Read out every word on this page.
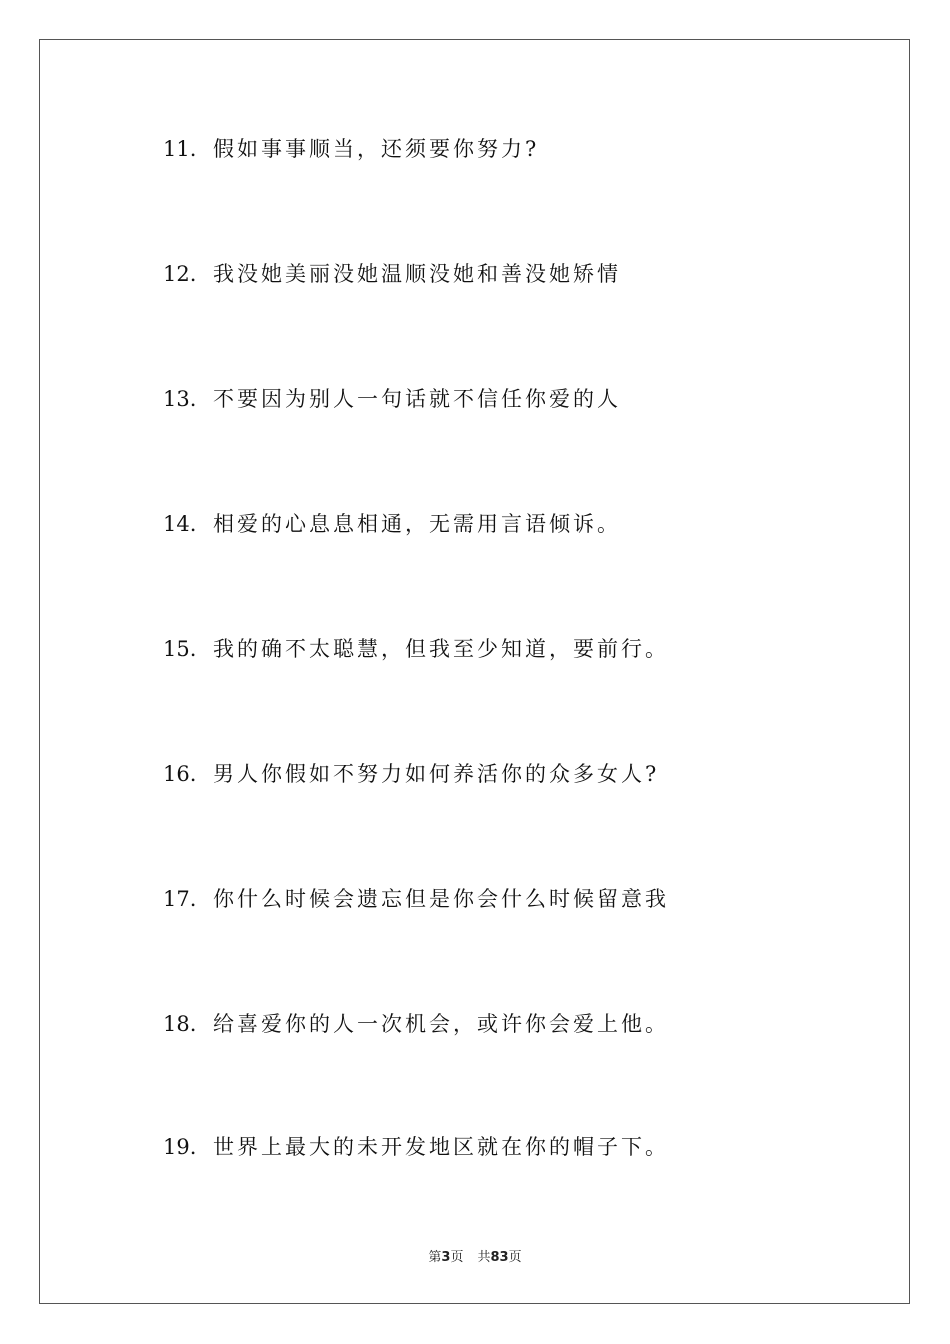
11. 假如事事顺当，还须要你努力?
12. 我没她美丽没她温顺没她和善没她矫情
13. 不要因为别人一句话就不信任你爱的人
14. 相爱的心息息相通，无需用言语倾诉。
15. 我的确不太聪慧，但我至少知道，要前行。
16. 男人你假如不努力如何养活你的众多女人?
17. 你什么时候会遗忘但是你会什么时候留意我
18. 给喜爱你的人一次机会，或许你会爱上他。
19. 世界上最大的未开发地区就在你的帽子下。
第3页 共83页
